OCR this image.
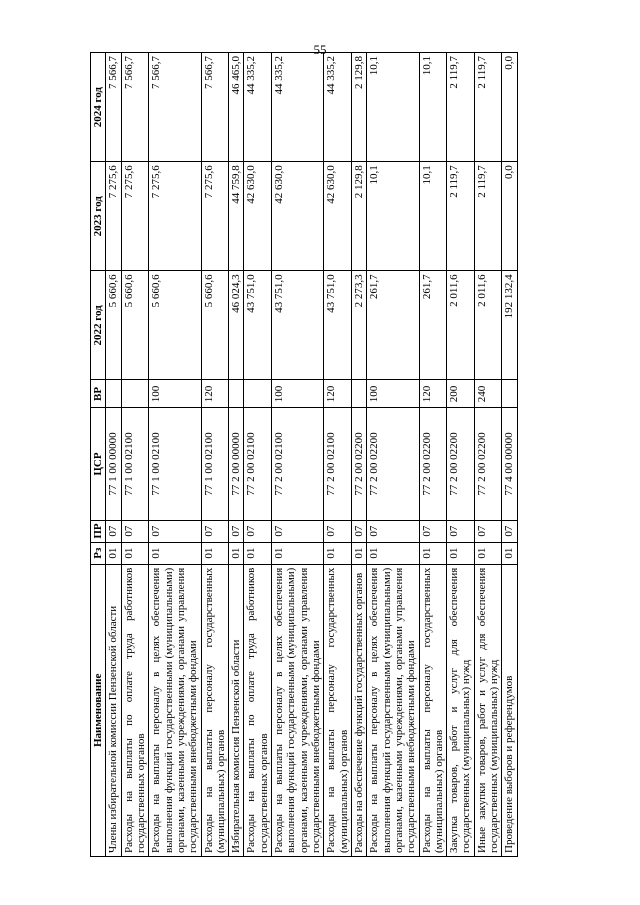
55
Наименование	Рз	ПР	ЦСР	ВР	2022 год	2023 год	2024 год
Члены избирательной комиссии Пензенской области	01	07	77 1 00 00000		5 660,6	7 275,6	7 566,7
Расходы на выплаты по оплате труда работников государственных органов	01	07	77 1 00 02100		5 660,6	7 275,6	7 566,7
Расходы на выплаты персоналу в целях обеспечения выполнения функций государственными (муниципальными) органами, казенными учреждениями, органами управления государственными внебюджетными фондами	01	07	77 1 00 02100	100	5 660,6	7 275,6	7 566,7
Расходы на выплаты персоналу государственных (муниципальных) органов	01	07	77 1 00 02100	120	5 660,6	7 275,6	7 566,7
Избирательная комиссия Пензенской области	01	07	77 2 00 00000		46 024,3	44 759,8	46 465,0
Расходы на выплаты по оплате труда работников государственных органов	01	07	77 2 00 02100		43 751,0	42 630,0	44 335,2
Расходы на выплаты персоналу в целях обеспечения выполнения функций государственными (муниципальными) органами, казенными учреждениями, органами управления государственными внебюджетными фондами	01	07	77 2 00 02100	100	43 751,0	42 630,0	44 335,2
Расходы на выплаты персоналу государственных (муниципальных) органов	01	07	77 2 00 02100	120	43 751,0	42 630,0	44 335,2
Расходы на обеспечение функций государственных органов	01	07	77 2 00 02200		2 273,3	2 129,8	2 129,8
Расходы на выплаты персоналу в целях обеспечения выполнения функций государственными (муниципальными) органами, казенными учреждениями, органами управления государственными внебюджетными фондами	01	07	77 2 00 02200	100	261,7	10,1	10,1
Расходы на выплаты персоналу государственных (муниципальных) органов	01	07	77 2 00 02200	120	261,7	10,1	10,1
Закупка товаров, работ и услуг для обеспечения государственных (муниципальных) нужд	01	07	77 2 00 02200	200	2 011,6	2 119,7	2 119,7
Иные закупки товаров, работ и услуг для обеспечения государственных (муниципальных) нужд	01	07	77 2 00 02200	240	2 011,6	2 119,7	2 119,7
Проведение выборов и референдумов	01	07	77 4 00 00000		192 132,4	0,0	0,0
